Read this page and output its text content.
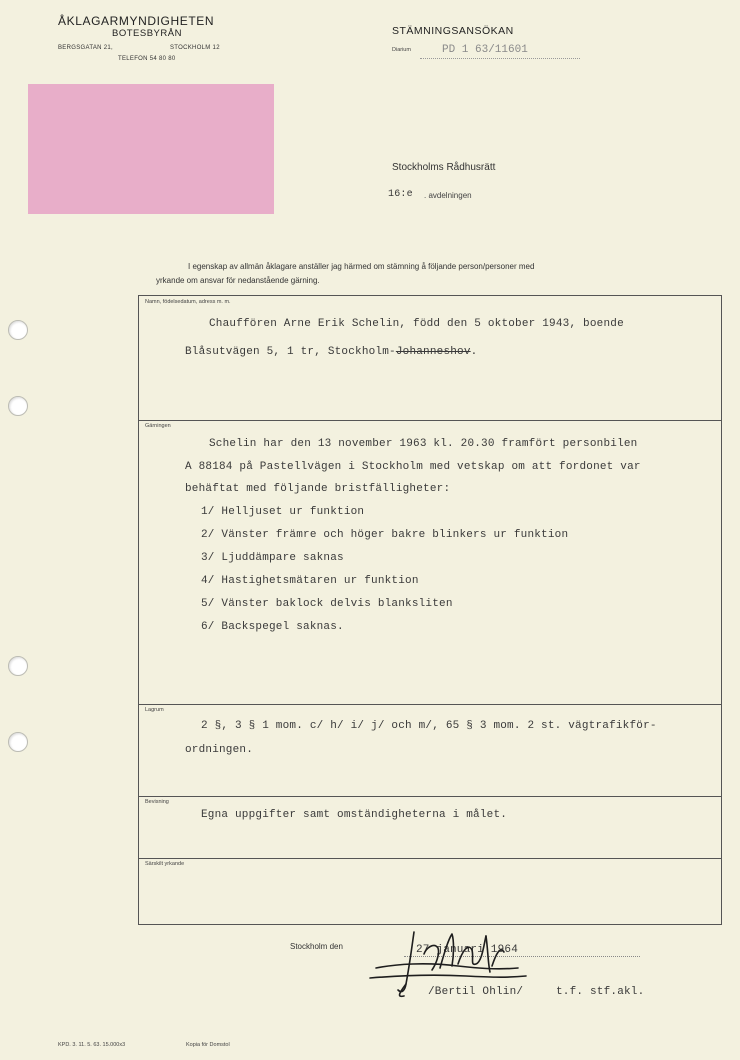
ÅKLAGARMYNDIGHETEN
BOTESBYRÅN
BERGSGATAN 21,	STOCKHOLM 12
TELEFON 54 80 80
STÄMNINGSANSÖKAN
Diarium	PD 1 63/11601
Stockholms Rådhusrätt
16:e . avdelningen
I egenskap av allmän åklagare anställer jag härmed om stämning å följande person/personer med
yrkande om ansvar för nedanstående gärning.
Namn, födelsedatum, adress m. m.
Chauffören Arne Erik Schelin, född den 5 oktober 1943, boende
Blåsutvägen 5, 1 tr, Stockholm-Johanneshov.
Gärningen
Schelin har den 13 november 1963 kl. 20.30 framfört personbilen
A 88184 på Pastellvägen i Stockholm med vetskap om att fordonet var
behäftat med följande bristfälligheter:
1/ Helljuset ur funktion
2/ Vänster främre och höger bakre blinkers ur funktion
3/ Ljuddämpare saknas
4/ Hastighetsmätaren ur funktion
5/ Vänster baklock delvis blanksliten
6/ Backspegel saknas.
Lagrum
2 §, 3 § 1 mom. c/ h/ i/ j/ och m/, 65 § 3 mom. 2 st. vägtrafikför-
ordningen.
Bevisning
Egna uppgifter samt omständigheterna i målet.
Särskilt yrkande
Stockholm den	27 januari 1964
/Bertil Ohlin/	t.f. stf.akl.
KPD. 3. 11. 5. 63. 15.000x3	Kopia för Domstol
